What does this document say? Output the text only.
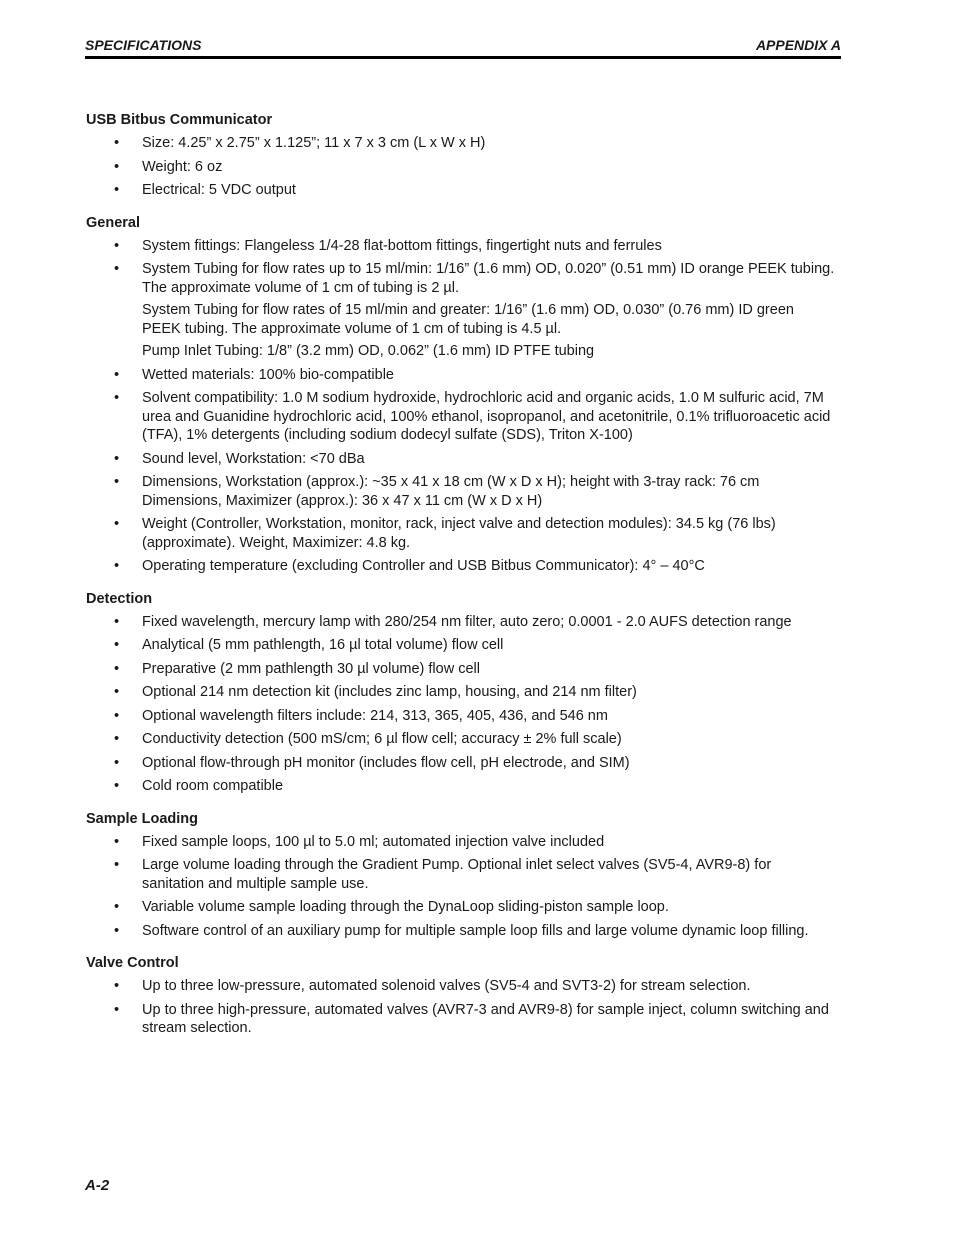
SPECIFICATIONS	APPENDIX A
USB Bitbus Communicator
• Size: 4.25” x 2.75” x 1.125”; 11 x 7 x 3 cm (L x W x H)

• Weight: 6 oz

• Electrical: 5 VDC output

General
• System fittings: Flangeless 1/4-28 flat-bottom fittings, fingertight nuts and ferrules

• System Tubing for flow rates up to 15 ml/min: 1/16” (1.6 mm) OD, 0.020” (0.51 mm) ID orange PEEK tubing. The approximate volume of 1 cm of tubing is 2 µl.

System Tubing for flow rates of 15 ml/min and greater: 1/16” (1.6 mm) OD, 0.030” (0.76 mm) ID green PEEK tubing. The approximate volume of 1 cm of tubing is 4.5 µl.

Pump Inlet Tubing: 1/8” (3.2 mm) OD, 0.062” (1.6 mm) ID PTFE tubing

• Wetted materials: 100% bio-compatible

• Solvent compatibility: 1.0 M sodium hydroxide, hydrochloric acid and organic acids, 1.0 M sulfuric acid, 7M urea and Guanidine hydrochloric acid, 100% ethanol, isopropanol, and acetonitrile, 0.1% trifluoroacetic acid (TFA), 1% detergents (including sodium dodecyl sulfate (SDS), Triton X-100)

• Sound level, Workstation: <70 dBa

• Dimensions, Workstation (approx.): ~35 x 41 x 18 cm (W x D x H); height with 3-tray rack: 76 cm Dimensions, Maximizer (approx.): 36 x 47 x 11 cm (W x D x H)

• Weight (Controller, Workstation, monitor, rack, inject valve and detection modules): 34.5 kg (76 lbs) (approximate). Weight, Maximizer: 4.8 kg.

• Operating temperature (excluding Controller and USB Bitbus Communicator): 4° – 40°C

Detection
• Fixed wavelength, mercury lamp with 280/254 nm filter, auto zero; 0.0001 - 2.0 AUFS detection range

• Analytical (5 mm pathlength, 16 µl total volume) flow cell

• Preparative (2 mm pathlength 30 µl volume) flow cell

• Optional 214 nm detection kit (includes zinc lamp, housing, and 214 nm filter)

• Optional wavelength filters include: 214, 313, 365, 405, 436, and 546 nm

• Conductivity detection (500 mS/cm; 6 µl flow cell; accuracy ± 2% full scale)

• Optional flow-through pH monitor (includes flow cell, pH electrode, and SIM)

• Cold room compatible

Sample Loading
• Fixed sample loops, 100 µl to 5.0 ml; automated injection valve included

• Large volume loading through the Gradient Pump. Optional inlet select valves (SV5-4, AVR9-8) for sanitation and multiple sample use.

• Variable volume sample loading through the DynaLoop sliding-piston sample loop.

• Software control of an auxiliary pump for multiple sample loop fills and large volume dynamic loop filling.

Valve Control
• Up to three low-pressure, automated solenoid valves (SV5-4 and SVT3-2) for stream selection.

• Up to three high-pressure, automated valves (AVR7-3 and AVR9-8) for sample inject, column switching and stream selection.

A-2
